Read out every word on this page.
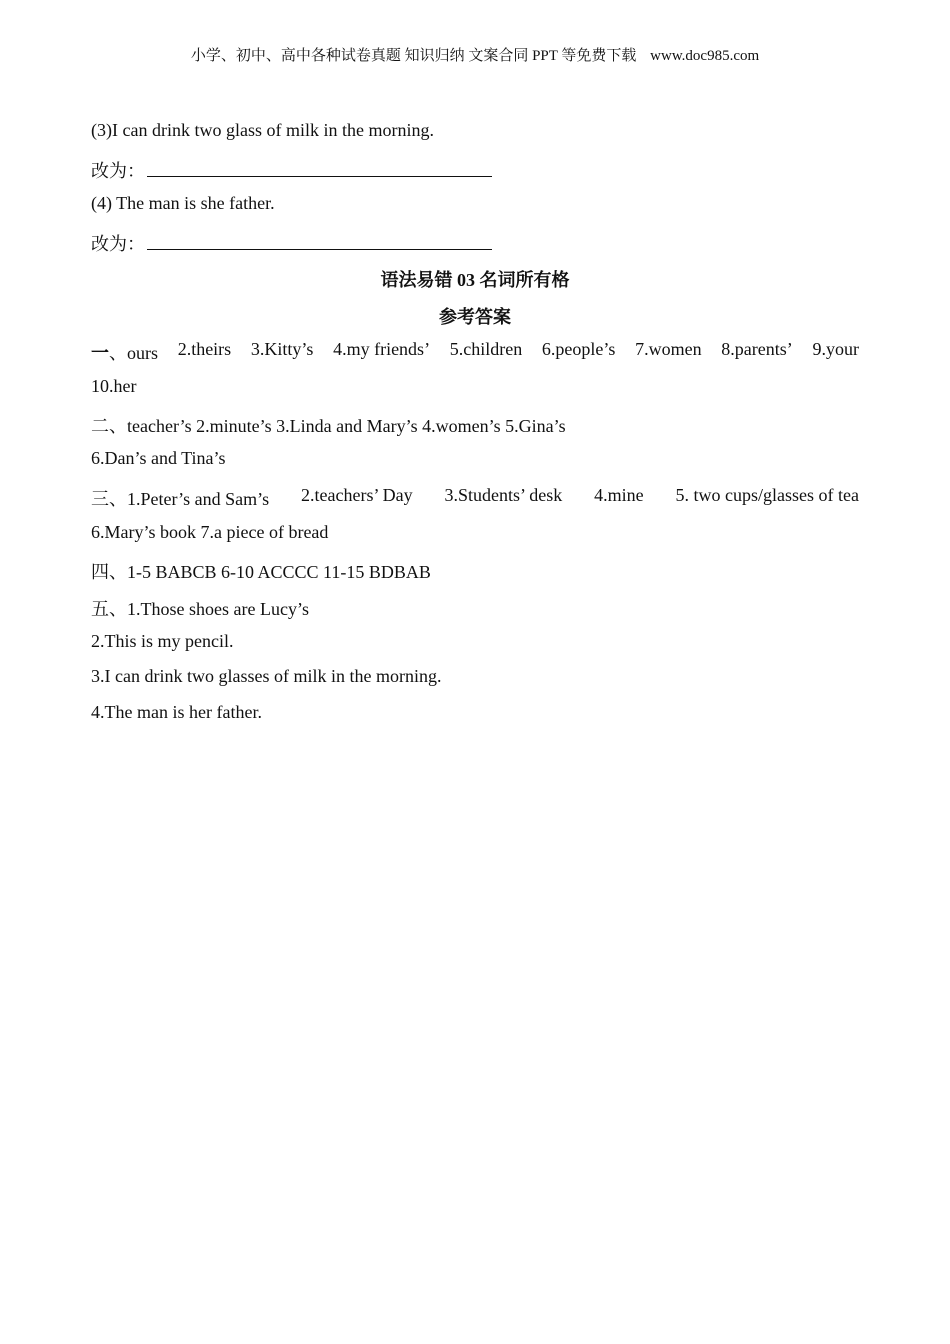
小学、初中、高中各种试卷真题 知识归纳 文案合同 PPT 等免费下载 www.doc985.com
(3)I can drink two glass of milk in the morning.
改为：
(4) The man is she father.
改为：
语法易错 03 名词所有格
参考答案
一、ours 2.theirs 3.Kitty’s 4.my friends’ 5.children 6.people’s 7.women 8.parents’ 9.your
10.her
二、teacher’s 2.minute’s 3.Linda and Mary’s 4.women’s 5.Gina’s
6.Dan’s and Tina’s
三、1.Peter’s and Sam’s 2.teachers’ Day 3.Students’ desk 4.mine 5. two cups/glasses of tea
6.Mary’s book 7.a piece of bread
四、1-5 BABCB 6-10 ACCCC 11-15 BDBAB
五、1.Those shoes are Lucy’s
2.This is my pencil.
3.I can drink two glasses of milk in the morning.
4.The man is her father.
